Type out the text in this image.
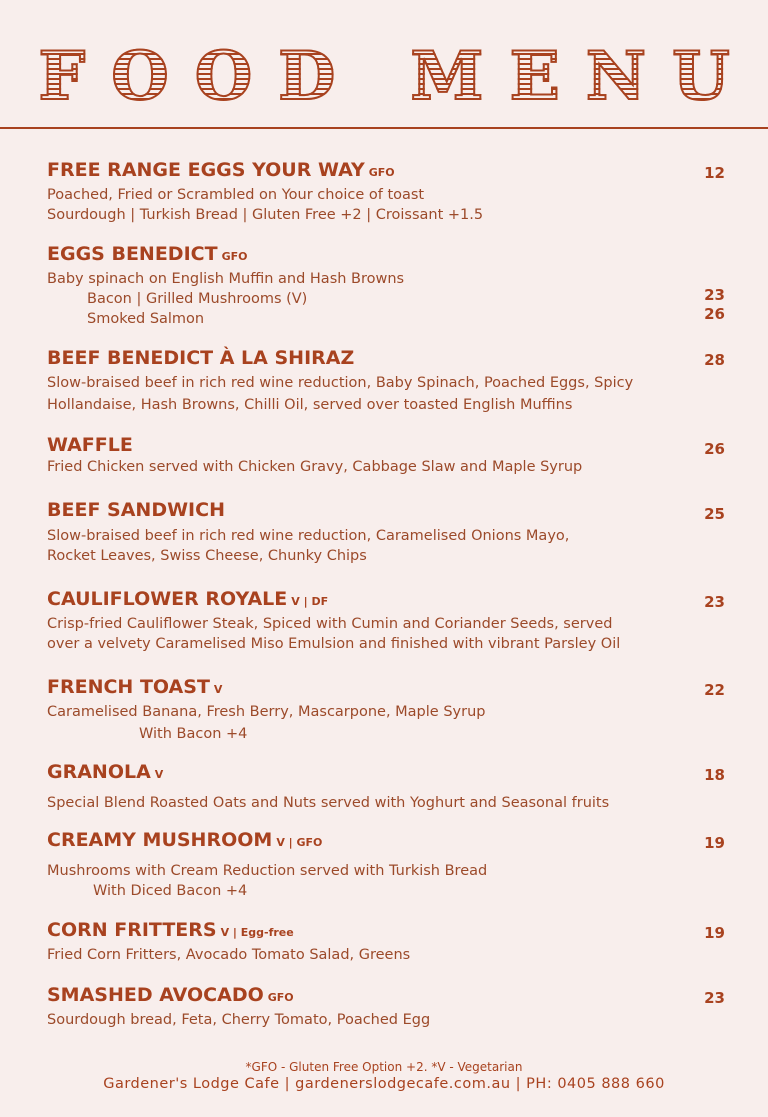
FOOD MENU
FREE RANGE EGGS YOUR WAY GFO
Poached, Fried or Scrambled on Your choice of toast
Sourdough | Turkish Bread | Gluten Free +2 | Croissant +1.5
12
EGGS BENEDICT GFO
Baby spinach on English Muffin and Hash Browns
Bacon | Grilled Mushrooms (V)
Smoked Salmon
23
26
BEEF BENEDICT À LA SHIRAZ
Slow-braised beef in rich red wine reduction, Baby Spinach, Poached Eggs, Spicy
Hollandaise, Hash Browns, Chilli Oil, served over toasted English Muffins
28
WAFFLE
Fried Chicken served with Chicken Gravy, Cabbage Slaw and Maple Syrup
26
BEEF SANDWICH
Slow-braised beef in rich red wine reduction, Caramelised Onions Mayo,
Rocket Leaves, Swiss Cheese, Chunky Chips
25
CAULIFLOWER ROYALE V | DF
Crisp-fried Cauliflower Steak, Spiced with Cumin and Coriander Seeds, served
over a velvety Caramelised Miso Emulsion and finished with vibrant Parsley Oil
23
FRENCH TOAST V
Caramelised Banana, Fresh Berry, Mascarpone, Maple Syrup
With Bacon +4
22
GRANOLA V
Special Blend Roasted Oats and Nuts served with Yoghurt and Seasonal fruits
18
CREAMY MUSHROOM V | GFO
Mushrooms with Cream Reduction served with Turkish Bread
With Diced Bacon +4
19
CORN FRITTERS V | Egg-free
Fried Corn Fritters, Avocado Tomato Salad, Greens
19
SMASHED AVOCADO GFO
Sourdough bread, Feta, Cherry Tomato, Poached Egg
23
*GFO - Gluten Free Option +2. *V - Vegetarian
Gardener's Lodge Cafe | gardenerslodgecafe.com.au | PH: 0405 888 660
